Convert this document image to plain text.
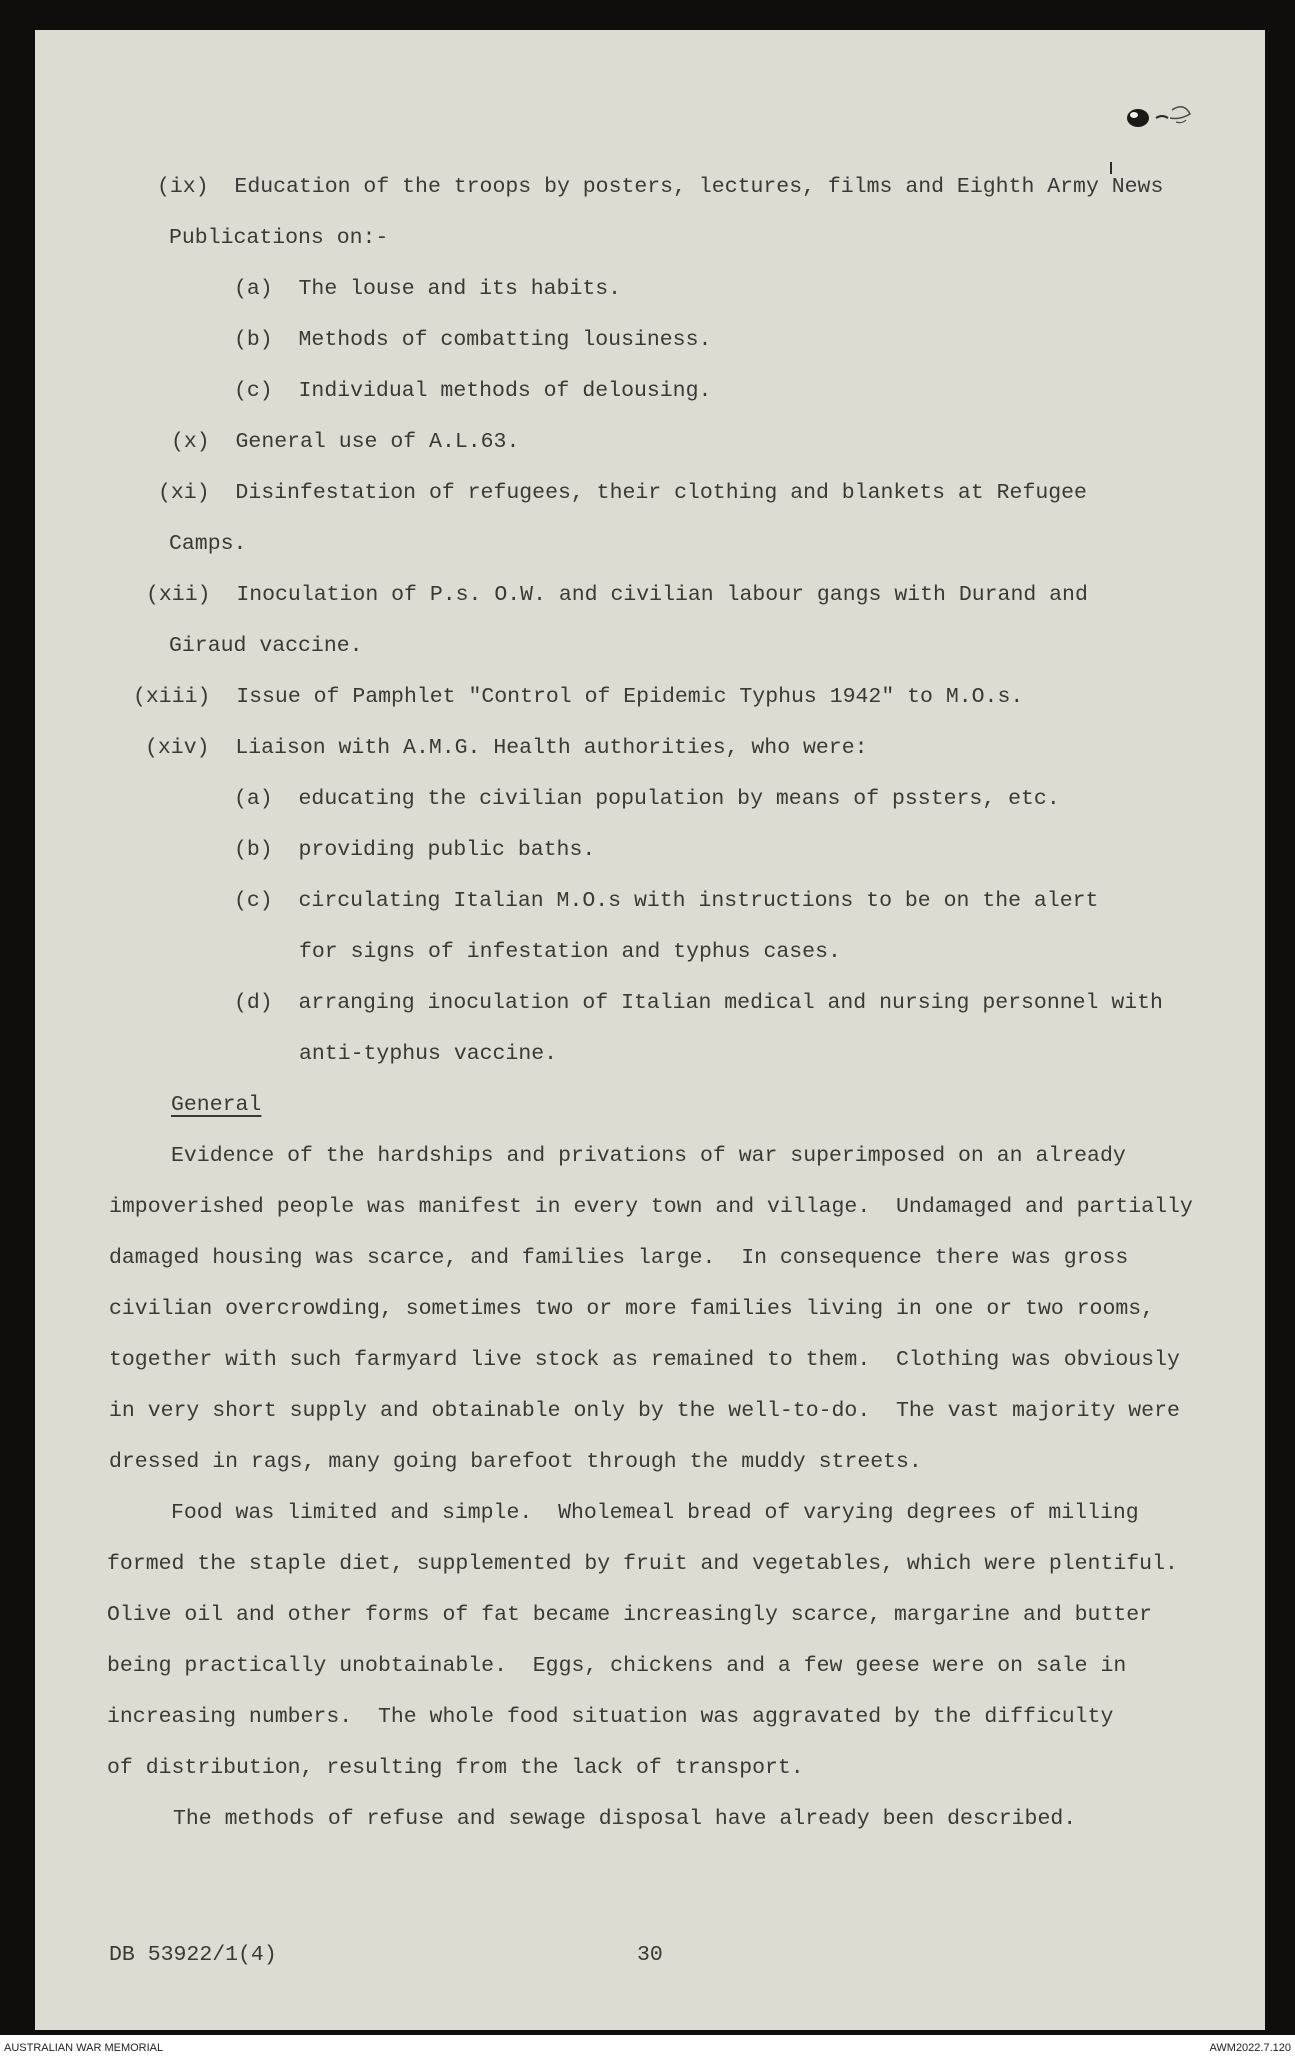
(ix)  Education of the troops by posters, lectures, films and Eighth Army News
Publications on:-
(a)  The louse and its habits.
(b)  Methods of combatting lousiness.
(c)  Individual methods of delousing.
(x)  General use of A.L.63.
(xi)  Disinfestation of refugees, their clothing and blankets at Refugee
Camps.
(xii)  Inoculation of P.s. O.W. and civilian labour gangs with Durand and
Giraud vaccine.
(xiii)  Issue of Pamphlet "Control of Epidemic Typhus 1942" to M.O.s.
(xiv)  Liaison with A.M.G. Health authorities, who were:
(a)  educating the civilian population by means of pssters, etc.
(b)  providing public baths.
(c)  circulating Italian M.O.s with instructions to be on the alert
for signs of infestation and typhus cases.
(d)  arranging inoculation of Italian medical and nursing personnel with
anti-typhus vaccine.
General
Evidence of the hardships and privations of war superimposed on an already
impoverished people was manifest in every town and village.  Undamaged and partially
damaged housing was scarce, and families large.  In consequence there was gross
civilian overcrowding, sometimes two or more families living in one or two rooms,
together with such farmyard live stock as remained to them.  Clothing was obviously
in very short supply and obtainable only by the well-to-do.  The vast majority were
dressed in rags, many going barefoot through the muddy streets.
Food was limited and simple.  Wholemeal bread of varying degrees of milling
formed the staple diet, supplemented by fruit and vegetables, which were plentiful.
Olive oil and other forms of fat became increasingly scarce, margarine and butter
being practically unobtainable.  Eggs, chickens and a few geese were on sale in
increasing numbers.  The whole food situation was aggravated by the difficulty
of distribution, resulting from the lack of transport.
The methods of refuse and sewage disposal have already been described.
DB 53922/1(4)	30
AUSTRALIAN WAR MEMORIAL	AWM2022.7.120
